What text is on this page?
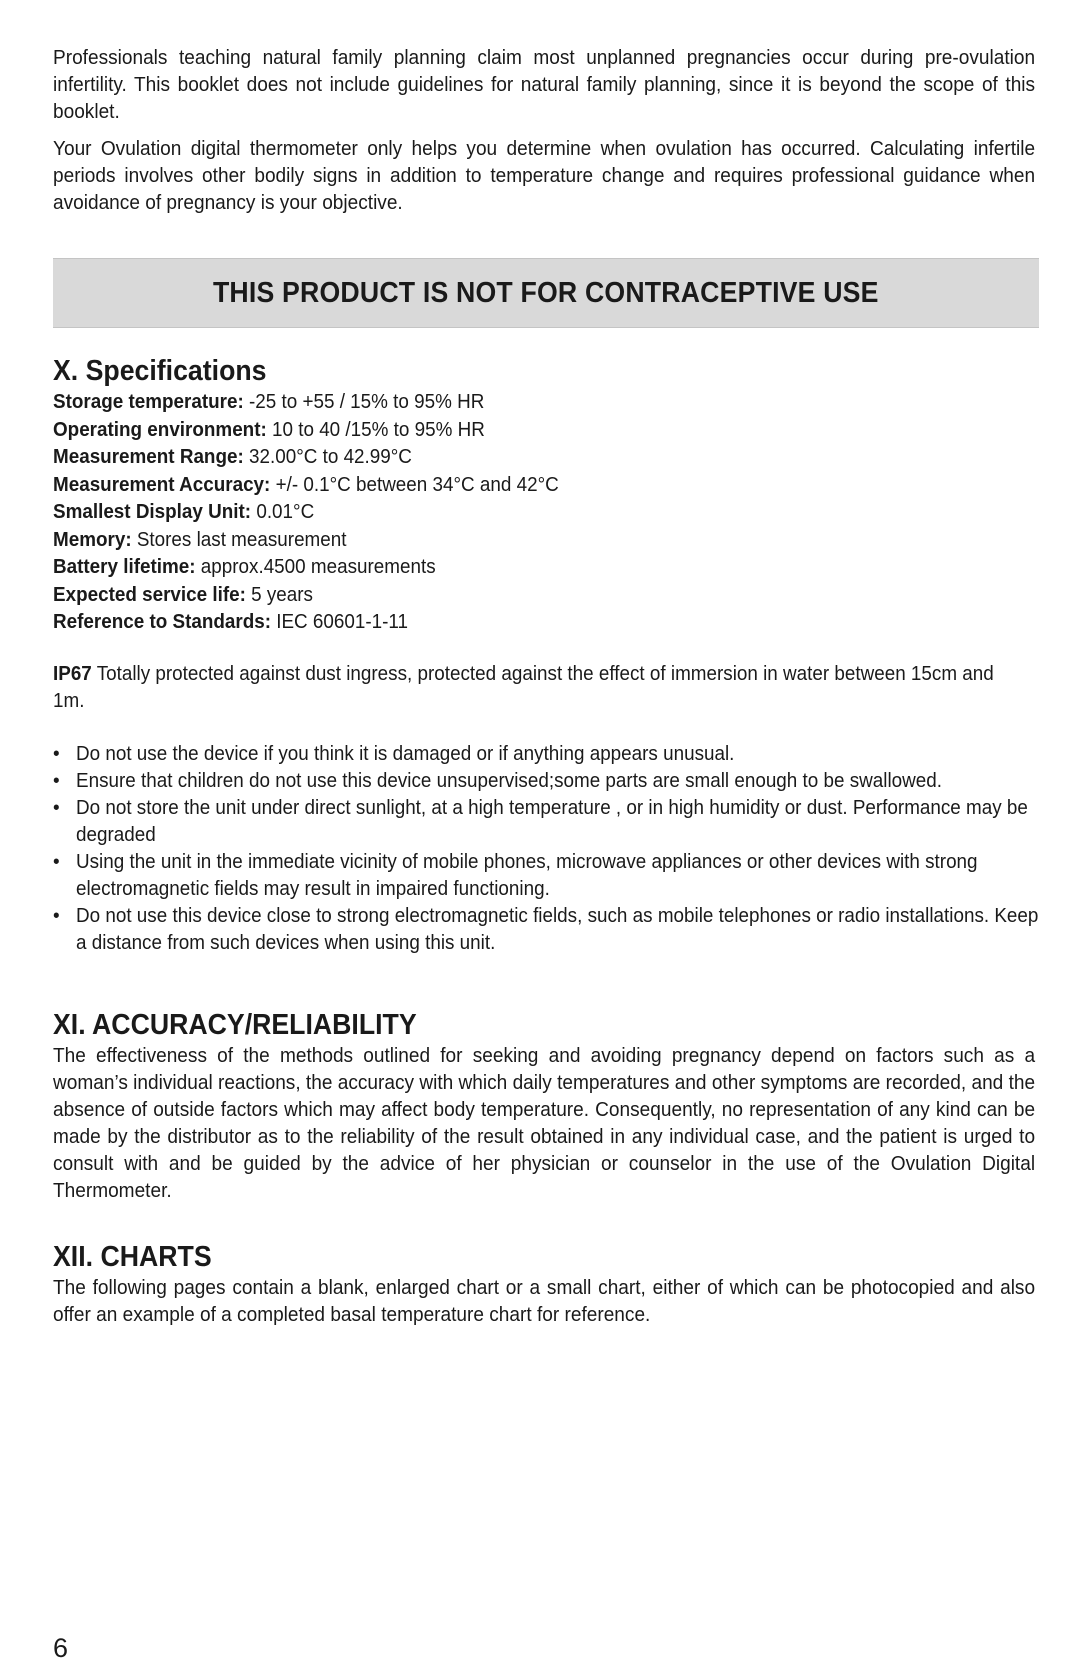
Professionals teaching natural family planning claim most unplanned pregnancies occur during pre-ovulation infertility. This booklet does not include guidelines for natural family planning, since it is beyond the scope of this booklet.

Your Ovulation digital thermometer only helps you determine when ovulation has occurred. Calculating infertile periods involves other bodily signs in addition to temperature change and requires professional guidance when avoidance of pregnancy is your objective.

THIS PRODUCT IS NOT FOR CONTRACEPTIVE USE
X. Specifications
Storage temperature: -25 to +55 / 15% to 95% HR
Operating environment: 10 to 40 /15% to 95% HR
Measurement Range: 32.00°C to 42.99°C
Measurement Accuracy: +/- 0.1°C between 34°C and 42°C
Smallest Display Unit: 0.01°C
Memory: Stores last measurement
Battery lifetime: approx.4500 measurements
Expected service life: 5 years
Reference to Standards: IEC 60601-1-11
IP67 Totally protected against dust ingress, protected against the effect of immersion in water between 15cm and 1m.
• Do not use the device if you think it is damaged or if anything appears unusual.
• Ensure that children do not use this device unsupervised;some parts are small enough to be swallowed.
• Do not store the unit under direct sunlight, at a high temperature , or in high humidity or dust. Performance may be degraded
• Using the unit in the immediate vicinity of mobile phones, microwave appliances or other devices with strong electromagnetic fields may result in impaired functioning.
• Do not use this device close to strong electromagnetic fields, such as mobile telephones or radio installations. Keep a distance from such devices when using this unit.
XI. ACCURACY/RELIABILITY

The effectiveness of the methods outlined for seeking and avoiding pregnancy depend on factors such as a woman’s individual reactions, the accuracy with which daily temperatures and other symptoms are recorded, and the absence of outside factors which may affect body temperature. Consequently, no representation of any kind can be made by the distributor as to the reliability of the result obtained in any individual case, and the patient is urged to consult with and be guided by the advice of her physician or counselor in the use of the Ovulation Digital Thermometer.

XII. CHARTS

The following pages contain a blank, enlarged chart or a small chart, either of which can be photocopied and also offer an example of a completed basal temperature chart for reference.

6
